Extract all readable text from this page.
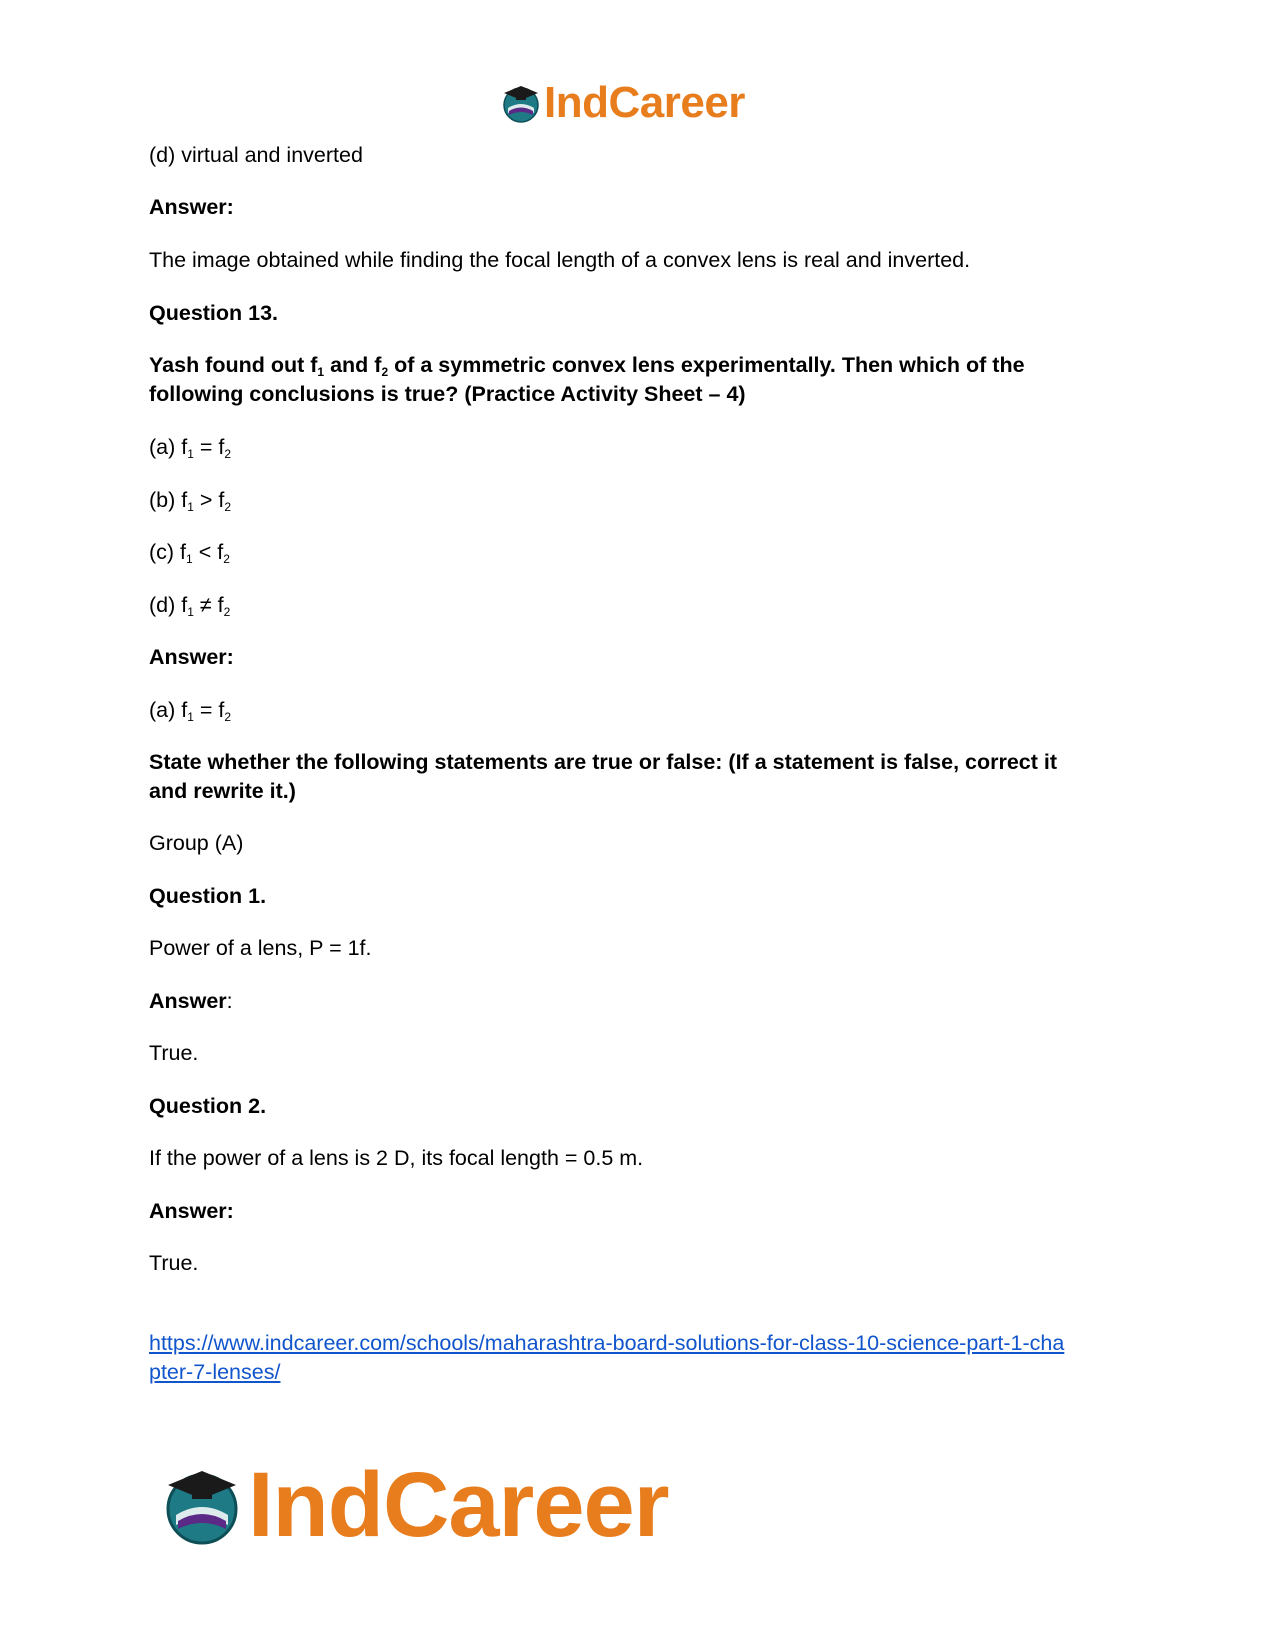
IndCareer
(d) virtual and inverted
Answer:
The image obtained while finding the focal length of a convex lens is real and inverted.
Question 13.
Yash found out $f_1$ and $f_2$ of a symmetric convex lens experimentally. Then which of the
following conclusions is true? (Practice Activity Sheet – 4)
(a) $f_1 = f_2$
(b) $f_1 > f_2$
(c) $f_1 < f_2$
(d) $f_1 \ne f_2$
Answer:
(a) $f_1 = f_2$
State whether the following statements are true or false: (If a statement is false, correct it
and rewrite it.)
Group (A)
Question 1.
Power of a lens, P = 1f.
Answer:
True.
Question 2.
If the power of a lens is 2 D, its focal length = 0.5 m.
Answer:
True.
https://www.indcareer.com/schools/maharashtra-board-solutions-for-class-10-science-part-1-cha
pter-7-lenses/
IndCareer
